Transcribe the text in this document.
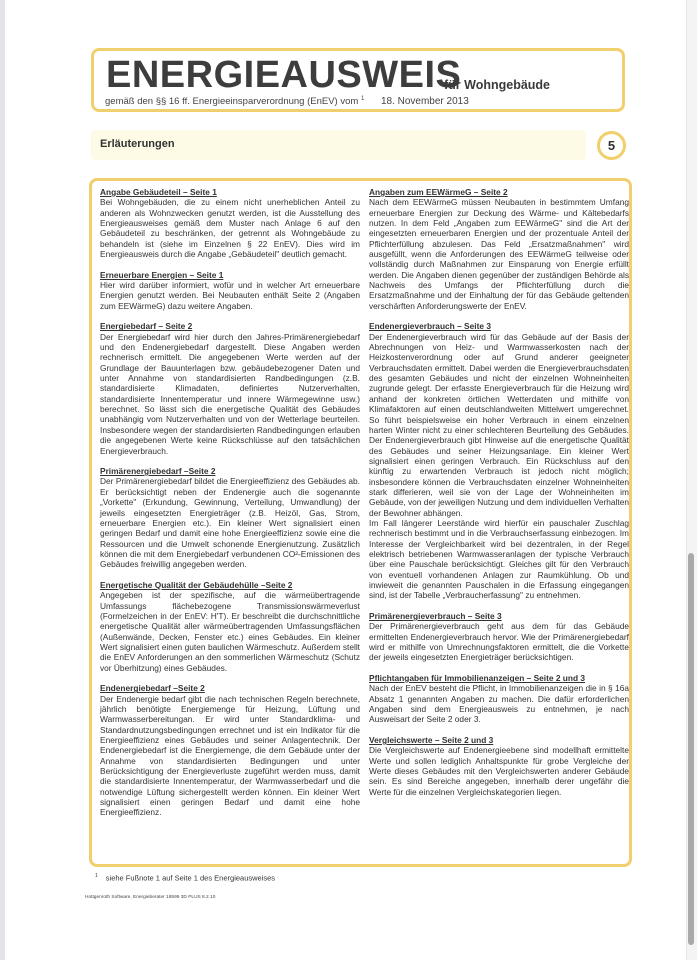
ENERGIEAUSWEIS
für Wohngebäude
gemäß den §§ 16 ff. Energieeinsparverordnung (EnEV) vom $^1$ 18. November 2013
Erläuterungen	5
Angabe Gebäudeteil – Seite 1

Bei Wohngebäuden, die zu einem nicht unerheblichen Anteil zu anderen als Wohnzwecken genutzt werden, ist die Ausstellung des Energieausweises gemäß dem Muster nach Anlage 6 auf den Gebäudeteil zu beschränken, der getrennt als Wohngebäude zu behandeln ist (siehe im Einzelnen § 22 EnEV). Dies wird im Energieausweis durch die Angabe „Gebäudeteil" deutlich gemacht.

Erneuerbare Energien – Seite 1

Hier wird darüber informiert, wofür und in welcher Art erneuerbare Energien genutzt werden. Bei Neubauten enthält Seite 2 (Angaben zum EEWärmeG) dazu weitere Angaben.

Energiebedarf – Seite 2

Der Energiebedarf wird hier durch den Jahres-Primärenergiebedarf und den Endenergiebedarf dargestellt. Diese Angaben werden rechnerisch ermittelt. Die angegebenen Werte werden auf der Grundlage der Bauunterlagen bzw. gebäudebezogener Daten und unter Annahme von standardisierten Randbedingungen (z.B. standardisierte Klimadaten, definiertes Nutzerverhalten, standardisierte Innentemperatur und innere Wärmegewinne usw.) berechnet. So lässt sich die energetische Qualität des Gebäudes unabhängig vom Nutzerverhalten und von der Wetterlage beurteilen. Insbesondere wegen der standardisierten Randbedingungen erlauben die angegebenen Werte keine Rückschlüsse auf den tatsächlichen Energieverbrauch.

Primärenergiebedarf –Seite 2

Der Primärenergiebedarf bildet die Energieeffizienz des Gebäudes ab. Er berücksichtigt neben der Endenergie auch die sogenannte „Vorkette" (Erkundung, Gewinnung, Verteilung, Umwandlung) der jeweils eingesetzten Energieträger (z.B. Heizöl, Gas, Strom, erneuerbare Energien etc.). Ein kleiner Wert signalisiert einen geringen Bedarf und damit eine hohe Energieeffizienz sowie eine die Ressourcen und die Umwelt schonende Energienutzung. Zusätzlich können die mit dem Energiebedarf verbundenen CO²-Emissionen des Gebäudes freiwillig angegeben werden.

Energetische Qualität der Gebäudehülle –Seite 2

Angegeben ist der spezifische, auf die wärmeübertragende Umfassungs flächebezogene Transmissionswärmeverlust (Formelzeichen in der EnEV: H'T). Er beschreibt die durchschnittliche energetische Qualität aller wärmeübertragenden Umfassungsflächen (Außenwände, Decken, Fenster etc.) eines Gebäudes. Ein kleiner Wert signalisiert einen guten baulichen Wärmeschutz. Außerdem stellt die EnEV Anforderungen an den sommerlichen Wärmeschutz (Schutz vor Überhitzung) eines Gebäudes.

Endenergiebedarf –Seite 2

Der Endenergie bedarf gibt die nach technischen Regeln berechnete, jährlich benötigte Energiemenge für Heizung, Lüftung und Warmwasserbereitungan. Er wird unter Standardklima- und Standardnutzungsbedingungen errechnet und ist ein Indikator für die Energieeffizienz eines Gebäudes und seiner Anlagentechnik. Der Endenergiebedarf ist die Energiemenge, die dem Gebäude unter der Annahme von standardisierten Bedingungen und unter Berücksichtigung der Energieverluste zugeführt werden muss, damit die standardisierte Innentemperatur, der Warmwasserbedarf und die notwendige Lüftung sichergestellt werden können. Ein kleiner Wert signalisiert einen geringen Bedarf und damit eine hohe Energieeffizienz.

Angaben zum EEWärmeG – Seite 2

Nach dem EEWärmeG müssen Neubauten in bestimmtem Umfang erneuerbare Energien zur Deckung des Wärme- und Kältebedarfs nutzen. In dem Feld „Angaben zum EEWärmeG" sind die Art der eingesetzten erneuerbaren Energien und der prozentuale Anteil der Pflichterfüllung abzulesen. Das Feld „Ersatzmaßnahmen" wird ausgefüllt, wenn die Anforderungen des EEWärmeG teilweise oder vollständig durch Maßnahmen zur Einsparung von Energie erfüllt werden. Die Angaben dienen gegenüber der zuständigen Behörde als Nachweis des Umfangs der Pflichterfüllung durch die Ersatzmaßnahme und der Einhaltung der für das Gebäude geltenden verschärften Anforderungswerte der EnEV.

Endenergieverbrauch – Seite 3

Der Endenergieverbrauch wird für das Gebäude auf der Basis der Abrechnungen von Heiz- und Warmwasserkosten nach der Heizkostenverordnung oder auf Grund anderer geeigneter Verbrauchsdaten ermittelt. Dabei werden die Energieverbrauchsdaten des gesamten Gebäudes und nicht der einzelnen Wohneinheiten zugrunde gelegt. Der erfasste Energieverbrauch für die Heizung wird anhand der konkreten örtlichen Wetterdaten und mithilfe von Klimafaktoren auf einen deutschlandweiten Mittelwert umgerechnet. So führt beispielsweise ein hoher Verbrauch in einem einzelnen harten Winter nicht zu einer schlechteren Beurteilung des Gebäudes. Der Endenergieverbrauch gibt Hinweise auf die energetische Qualität des Gebäudes und seiner Heizungsanlage. Ein kleiner Wert signalisiert einen geringen Verbrauch. Ein Rückschluss auf den künftig zu erwartenden Verbrauch ist jedoch nicht möglich; insbesondere können die Verbrauchsdaten einzelner Wohneinheiten stark differieren, weil sie von der Lage der Wohneinheiten im Gebäude, von der jeweiligen Nutzung und dem individuellen Verhalten der Bewohner abhängen.

Im Fall längerer Leerstände wird hierfür ein pauschaler Zuschlag rechnerisch bestimmt und in die Verbrauchserfassung einbezogen. Im Interesse der Vergleichbarkeit wird bei dezentralen, in der Regel elektrisch betriebenen Warmwasseranlagen der typische Verbrauch über eine Pauschale berücksichtigt. Gleiches gilt für den Verbrauch von eventuell vorhandenen Anlagen zur Raumkühlung. Ob und inwieweit die genannten Pauschalen in die Erfassung eingegangen sind, ist der Tabelle „Verbraucherfassung" zu entnehmen.

Primärenergieverbrauch – Seite 3

Der Primärenergieverbrauch geht aus dem für das Gebäude ermittelten Endenergieverbrauch hervor. Wie der Primärenergiebedarf wird er mithilfe von Umrechnungsfaktoren ermittelt, die die Vorkette der jeweils eingesetzten Energieträger berücksichtigen.

Pflichtangaben für Immobilienanzeigen – Seite 2 und 3

Nach der EnEV besteht die Pflicht, in Immobilienanzeigen die in § 16a Absatz 1 genannten Angaben zu machen. Die dafür erforderlichen Angaben sind dem Energieausweis zu entnehmen, je nach Ausweisart der Seite 2 oder 3.

Vergleichswerte – Seite 2 und 3

Die Vergleichswerte auf Endenergieebene sind modellhaft ermittelte Werte und sollen lediglich Anhaltspunkte für grobe Vergleiche der Werte dieses Gebäudes mit den Vergleichswerten anderer Gebäude sein. Es sind Bereiche angegeben, innerhalb derer ungefähr die Werte für die einzelnen Vergleichskategorien liegen.

$^1$ siehe Fußnote 1 auf Seite 1 des Energieausweises
Hottgenroth Software, Energieberater 18599 3D PLUS 8.2.10
